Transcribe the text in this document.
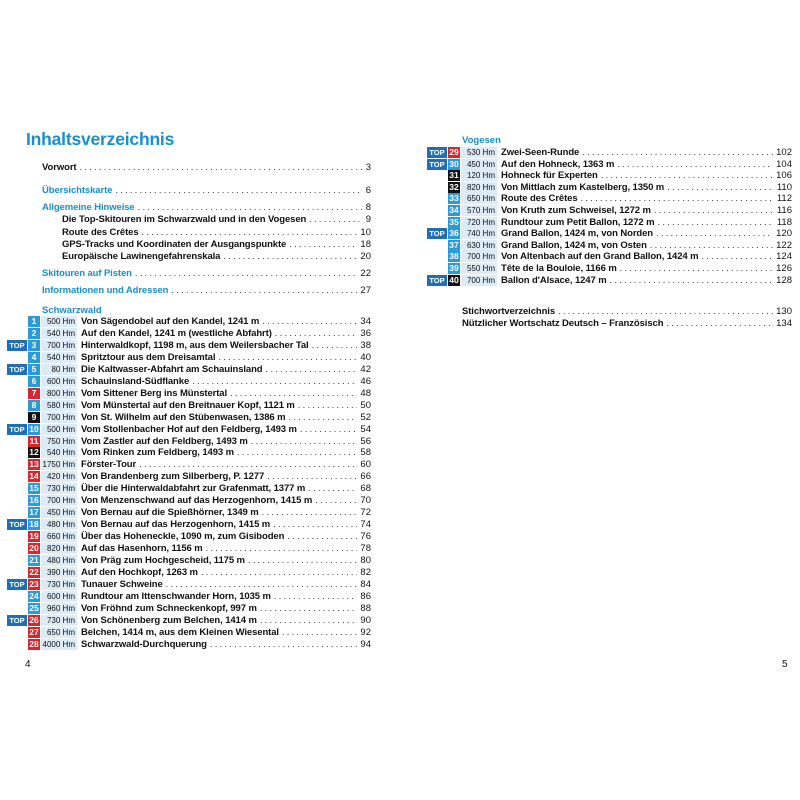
Inhaltsverzeichnis
Vorwort .....	3
Übersichtskarte .....	6
Allgemeine Hinweise .....	8
Die Top-Skitouren im Schwarzwald und in den Vogesen .....	9
Route des Crêtes .....	10
GPS-Tracks und Koordinaten der Ausgangspunkte .....	18
Europäische Lawinengefahrenskala .....	20
Skitouren auf Pisten .....	22
Informationen und Adressen .....	27
Schwarzwald
1	500 Hm Von Sägendobel auf den Kandel, 1241 m .....	34
2	540 Hm Auf den Kandel, 1241 m (westliche Abfahrt) .....	36
TOP 3	700 Hm Hinterwaldkopf, 1198 m, aus dem Weilersbacher Tal .....	38
4	540 Hm Spritztour aus dem Dreisamtal .....	40
TOP 5	80 Hm Die Kaltwasser-Abfahrt am Schauinsland .....	42
6	600 Hm Schauinsland-Südflanke .....	46
7	800 Hm Vom Sittener Berg ins Münstertal .....	48
8	580 Hm Vom Münstertal auf den Breitnauer Kopf, 1121 m .....	50
9	700 Hm Von St. Wilhelm auf den Stübenwasen, 1386 m .....	52
TOP 10	500 Hm Vom Stollenbacher Hof auf den Feldberg, 1493 m .....	54
11	750 Hm Vom Zastler auf den Feldberg, 1493 m .....	56
12	540 Hm Vom Rinken zum Feldberg, 1493 m .....	58
13 1750 Hm Förster-Tour .....	60
14	420 Hm Von Brandenberg zum Silberberg, P. 1277 .....	66
15	730 Hm Über die Hinterwaldabfahrt zur Grafenmatt, 1377 m .....	68
16	700 Hm Von Menzenschwand auf das Herzogenhorn, 1415 m .....	70
17	450 Hm Von Bernau auf die Spießhörner, 1349 m .....	72
TOP 18	480 Hm Von Bernau auf das Herzogenhorn, 1415 m .....	74
19	660 Hm Über das Hoheneckle, 1090 m, zum Gisiboden .....	76
20	820 Hm Auf das Hasenhorn, 1156 m .....	78
21	480 Hm Von Präg zum Hochgescheid, 1175 m .....	80
22	390 Hm Auf den Hochkopf, 1263 m .....	82
TOP 23	730 Hm Tunauer Schweine .....	84
24	600 Hm Rundtour am Ittenschwander Horn, 1035 m .....	86
25	960 Hm Von Fröhnd zum Schneckenkopf, 997 m .....	88
TOP 26	730 Hm Von Schönenberg zum Belchen, 1414 m .....	90
27	650 Hm Belchen, 1414 m, aus dem Kleinen Wiesental .....	92
28 4000 Hm Schwarzwald-Durchquerung .....	94
4
Vogesen
TOP 29	530 Hm Zwei-Seen-Runde .....	102
TOP 30	450 Hm Auf den Hohneck, 1363 m .....	104
31	120 Hm Hohneck für Experten .....	106
32	820 Hm Von Mittlach zum Kastelberg, 1350 m .....	110
33	650 Hm Route des Crêtes .....	112
34	570 Hm Von Kruth zum Schweisel, 1272 m .....	116
35	720 Hm Rundtour zum Petit Ballon, 1272 m .....	118
TOP 36	740 Hm Grand Ballon, 1424 m, von Norden .....	120
37	630 Hm Grand Ballon, 1424 m, von Osten .....	122
38	700 Hm Von Altenbach auf den Grand Ballon, 1424 m .....	124
39	550 Hm Tête de la Bouloie, 1166 m .....	126
TOP 40	700 Hm Ballon d'Alsace, 1247 m .....	128
Stichwortverzeichnis .....	130
Nützlicher Wortschatz Deutsch – Französisch .....	134
5
